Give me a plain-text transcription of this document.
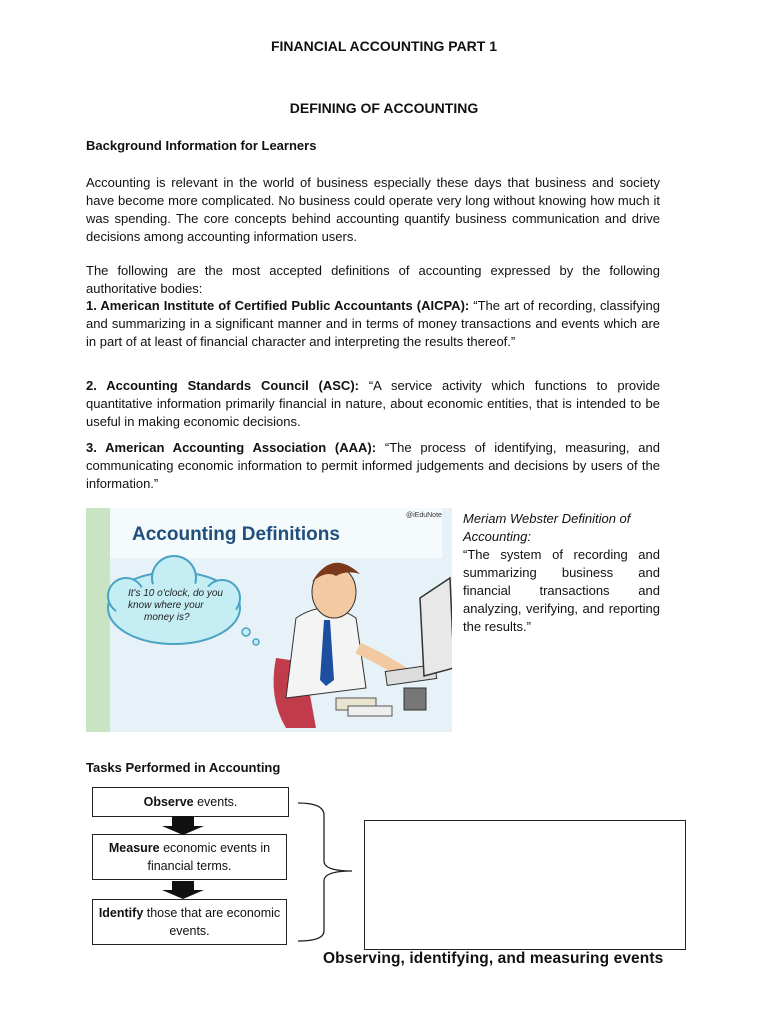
FINANCIAL ACCOUNTING PART 1
DEFINING OF ACCOUNTING
Background Information for Learners
Accounting is relevant in the world of business especially these days that business and society have become more complicated. No business could operate very long without knowing how much it was spending. The core concepts behind accounting quantify business communication and drive decisions among accounting information users.
The following are the most accepted definitions of accounting expressed by the following authoritative bodies:
1. American Institute of Certified Public Accountants (AICPA): “The art of recording, classifying and summarizing in a significant manner and in terms of money transactions and events which are in part of at least of financial character and interpreting the results thereof.”
2. Accounting Standards Council (ASC): “A service activity which functions to provide quantitative information primarily financial in nature, about economic entities, that is intended to be useful in making economic decisions.
3. American Accounting Association (AAA): “The process of identifying, measuring, and communicating economic information to permit informed judgements and decisions by users of the information.”
Accounting Definitions
@iEduNote
It's 10 o'clock, do you
know where your
money is?
Meriam Webster Definition of Accounting:
“The system of recording and summarizing business and financial transactions and analyzing, verifying, and reporting the results.”
Tasks Performed in Accounting
Observe events.
Measure economic events in financial terms.
Identify those that are economic events.
Observing, identifying, and measuring events
